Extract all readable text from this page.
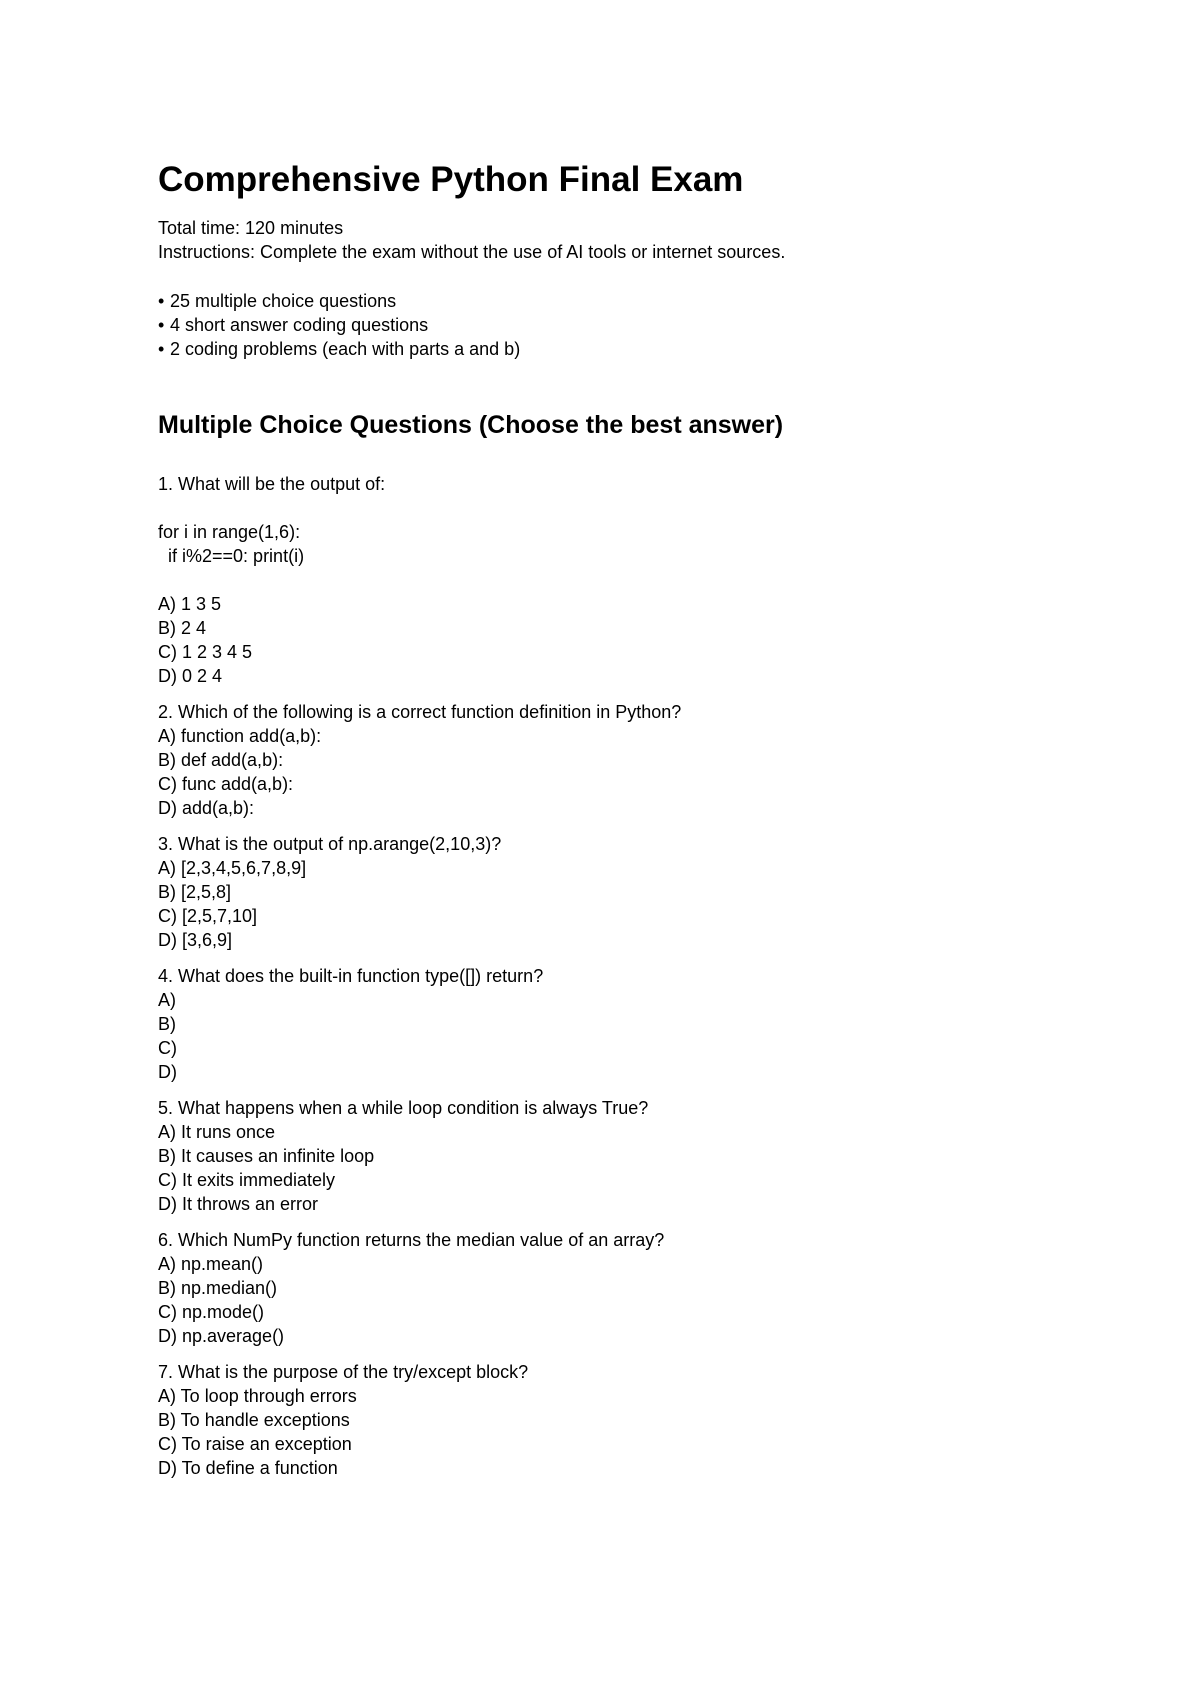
Comprehensive Python Final Exam
Total time: 120 minutes
Instructions: Complete the exam without the use of AI tools or internet sources.
• 25 multiple choice questions
• 4 short answer coding questions
• 2 coding problems (each with parts a and b)
Multiple Choice Questions (Choose the best answer)
1. What will be the output of:
for i in range(1,6):
if i%2==0: print(i)
A) 1 3 5
B) 2 4
C) 1 2 3 4 5
D) 0 2 4
2. Which of the following is a correct function definition in Python?
A) function add(a,b):
B) def add(a,b):
C) func add(a,b):
D) add(a,b):
3. What is the output of np.arange(2,10,3)?
A) [2,3,4,5,6,7,8,9]
B) [2,5,8]
C) [2,5,7,10]
D) [3,6,9]
4. What does the built-in function type([]) return?
A)
B)
C)
D)
5. What happens when a while loop condition is always True?
A) It runs once
B) It causes an infinite loop
C) It exits immediately
D) It throws an error
6. Which NumPy function returns the median value of an array?
A) np.mean()
B) np.median()
C) np.mode()
D) np.average()
7. What is the purpose of the try/except block?
A) To loop through errors
B) To handle exceptions
C) To raise an exception
D) To define a function
